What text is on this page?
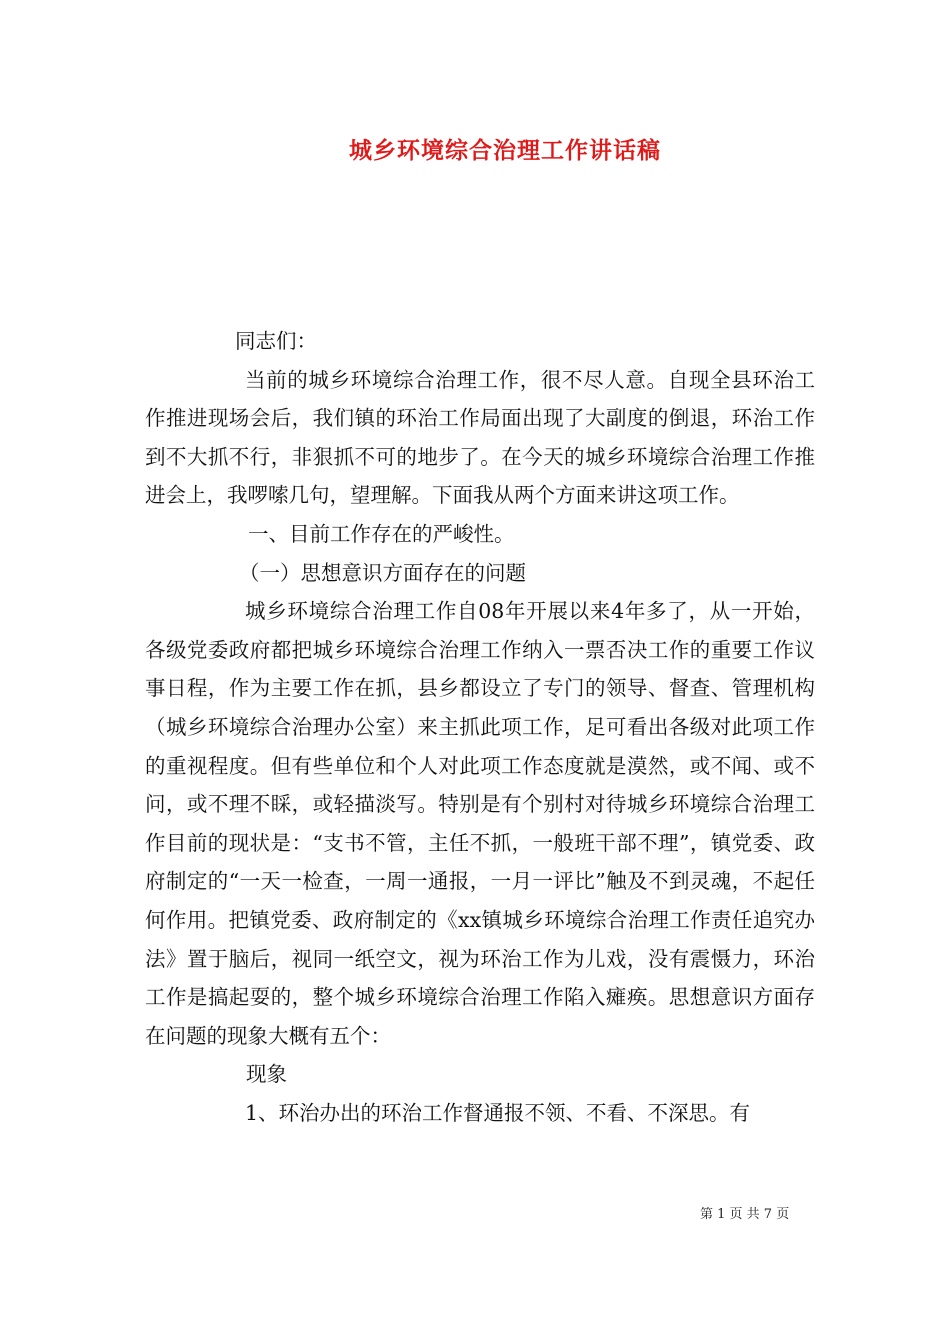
城乡环境综合治理工作讲话稿

同志们：

当前的城乡环境综合治理工作，很不尽人意。自现全县环治工作推进现场会后，我们镇的环治工作局面出现了大副度的倒退，环治工作到不大抓不行，非狠抓不可的地步了。在今天的城乡环境综合治理工作推进会上，我啰嗦几句，望理解。下面我从两个方面来讲这项工作。

一、目前工作存在的严峻性。

（一）思想意识方面存在的问题

城乡环境综合治理工作自08年开展以来4年多了，从一开始，各级党委政府都把城乡环境综合治理工作纳入一票否决工作的重要工作议事日程，作为主要工作在抓，县乡都设立了专门的领导、督查、管理机构（城乡环境综合治理办公室）来主抓此项工作，足可看出各级对此项工作的重视程度。但有些单位和个人对此项工作态度就是漠然，或不闻、或不问，或不理不睬，或轻描淡写。特别是有个别村对待城乡环境综合治理工作目前的现状是：“支书不管，主任不抓，一般班干部不理”，镇党委、政府制定的“一天一检查，一周一通报，一月一评比”触及不到灵魂，不起任何作用。把镇党委、政府制定的《xx镇城乡环境综合治理工作责任追究办法》置于脑后，视同一纸空文，视为环治工作为儿戏，没有震慑力，环治工作是搞起耍的，整个城乡环境综合治理工作陷入瘫痪。思想意识方面存在问题的现象大概有五个：

现象

1、环治办出的环治工作督通报不领、不看、不深思。有

第 1 页 共 7 页
